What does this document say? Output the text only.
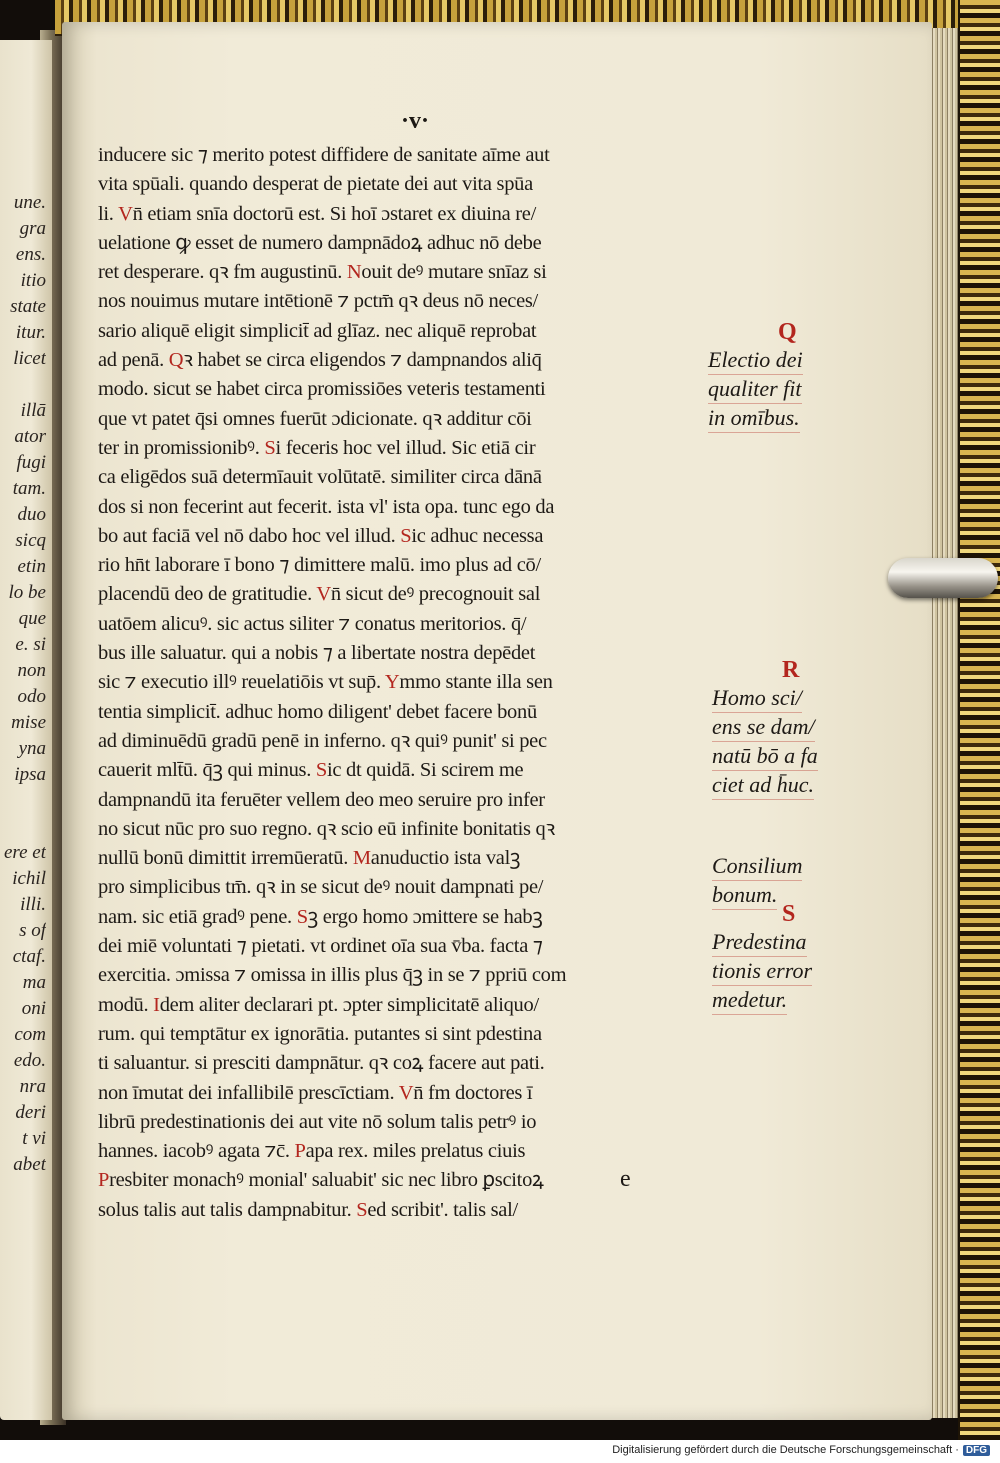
une.
gra
ens.
itio
state
itur.
licet
illā
ator
fugi
tam.
duo
sicq
etin
lo be
que
e. si
non
odo
mise
yna
ipsa
ere et
ichil
illi.
s of
ctaf.
ma
oni
com
edo.
nra
deri
t vi
abet
·v·
inducere sic ⁊ merito potest diffidere de sanitate aīme aut
vita spūali. quando desperat de pietate dei aut vita spūa
li. Vn̄ etiam snīa doctorū est. Si hoī ɔstaret ex diuina re/
uelatione ꝙ esset de numero dampnādoꝝ adhuc nō debe
ret desperare. qꝛ fm augustinū. Nouit deꝰ mutare snīaz si
nos nouimus mutare intētionē ⁊ pctm̄ qꝛ deus nō neces/
sario aliquē eligit simplicit̄ ad glīaz. nec aliquē reprobat
ad penā. Qꝛ habet se circa eligendos ⁊ dampnandos aliq̄
modo. sicut se habet circa promissiōes veteris testamenti
que vt patet q̄si omnes fuerūt ɔdicionate. qꝛ additur cōi
ter in promissionibꝰ. Si feceris hoc vel illud. Sic etiā cir
ca eligēdos suā determīauit volūtatē. similiter circa dānā
dos si non fecerint aut fecerit. ista vl' ista opa. tunc ego da
bo aut faciā vel nō dabo hoc vel illud. Sic adhuc necessa
rio hn̄t laborare ī bono ⁊ dimittere malū. imo plus ad cō/
placendū deo de gratitudie. Vn̄ sicut deꝰ precognouit sal
uatōem alicuꝰ. sic actus siliter ⁊ conatus meritorios. q̄/
bus ille saluatur. qui a nobis ⁊ a libertate nostra depēdet
sic ⁊ executio illꝰ reuelatiōis vt sup̄. Ymmo stante illa sen
tentia simplicit̄. adhuc homo diligent' debet facere bonū
ad diminuēdū gradū penē in inferno. qꝛ quiꝰ punit' si pec
cauerit mlt̄ū. q̄ꝫ qui minus. Sic dt quidā. Si scirem me
dampnandū ita feruēter vellem deo meo seruire pro infer
no sicut nūc pro suo regno. qꝛ scio eū infinite bonitatis qꝛ
nullū bonū dimittit irremūeratū. Manuductio ista valꝫ
pro simplicibus tm̄. qꝛ in se sicut deꝰ nouit dampnati pe/
nam. sic etiā gradꝰ pene. Sꝫ ergo homo ɔmittere se habꝫ
dei miē voluntati ⁊ pietati. vt ordinet oīa sua v̄ba. facta ⁊
exercitia. ɔmissa ⁊ omissa in illis plus q̄ꝫ in se ⁊ ppriū com
modū. Idem aliter declarari pt. ɔpter simplicitatē aliquo/
rum. qui temptātur ex ignorātia. putantes si sint pdestina
ti saluantur. si presciti dampnātur. qꝛ coꝝ facere aut pati.
non īmutat dei infallibilē prescīctiam. Vn̄ fm doctores ī
librū predestinationis dei aut vite nō solum talis petrꝰ io
hannes. iacobꝰ agata ⁊c̄. Papa rex. miles prelatus ciuis
Presbiter monachꝰ monial' saluabit' sic nec libro ꝑscitoꝝ
solus talis aut talis dampnabitur. Sed scribit'. talis sal/
e
Q
Electio dei
qualiter fit
in omībus.
R
Homo sci/
ens se dam/
natū bō a fa
ciet ad h̄uc.
Consilium
bonum.
S
Predestina
tionis error
medetur.
Digitalisierung gefördert durch die Deutsche Forschungsgemeinschaft · DFG
